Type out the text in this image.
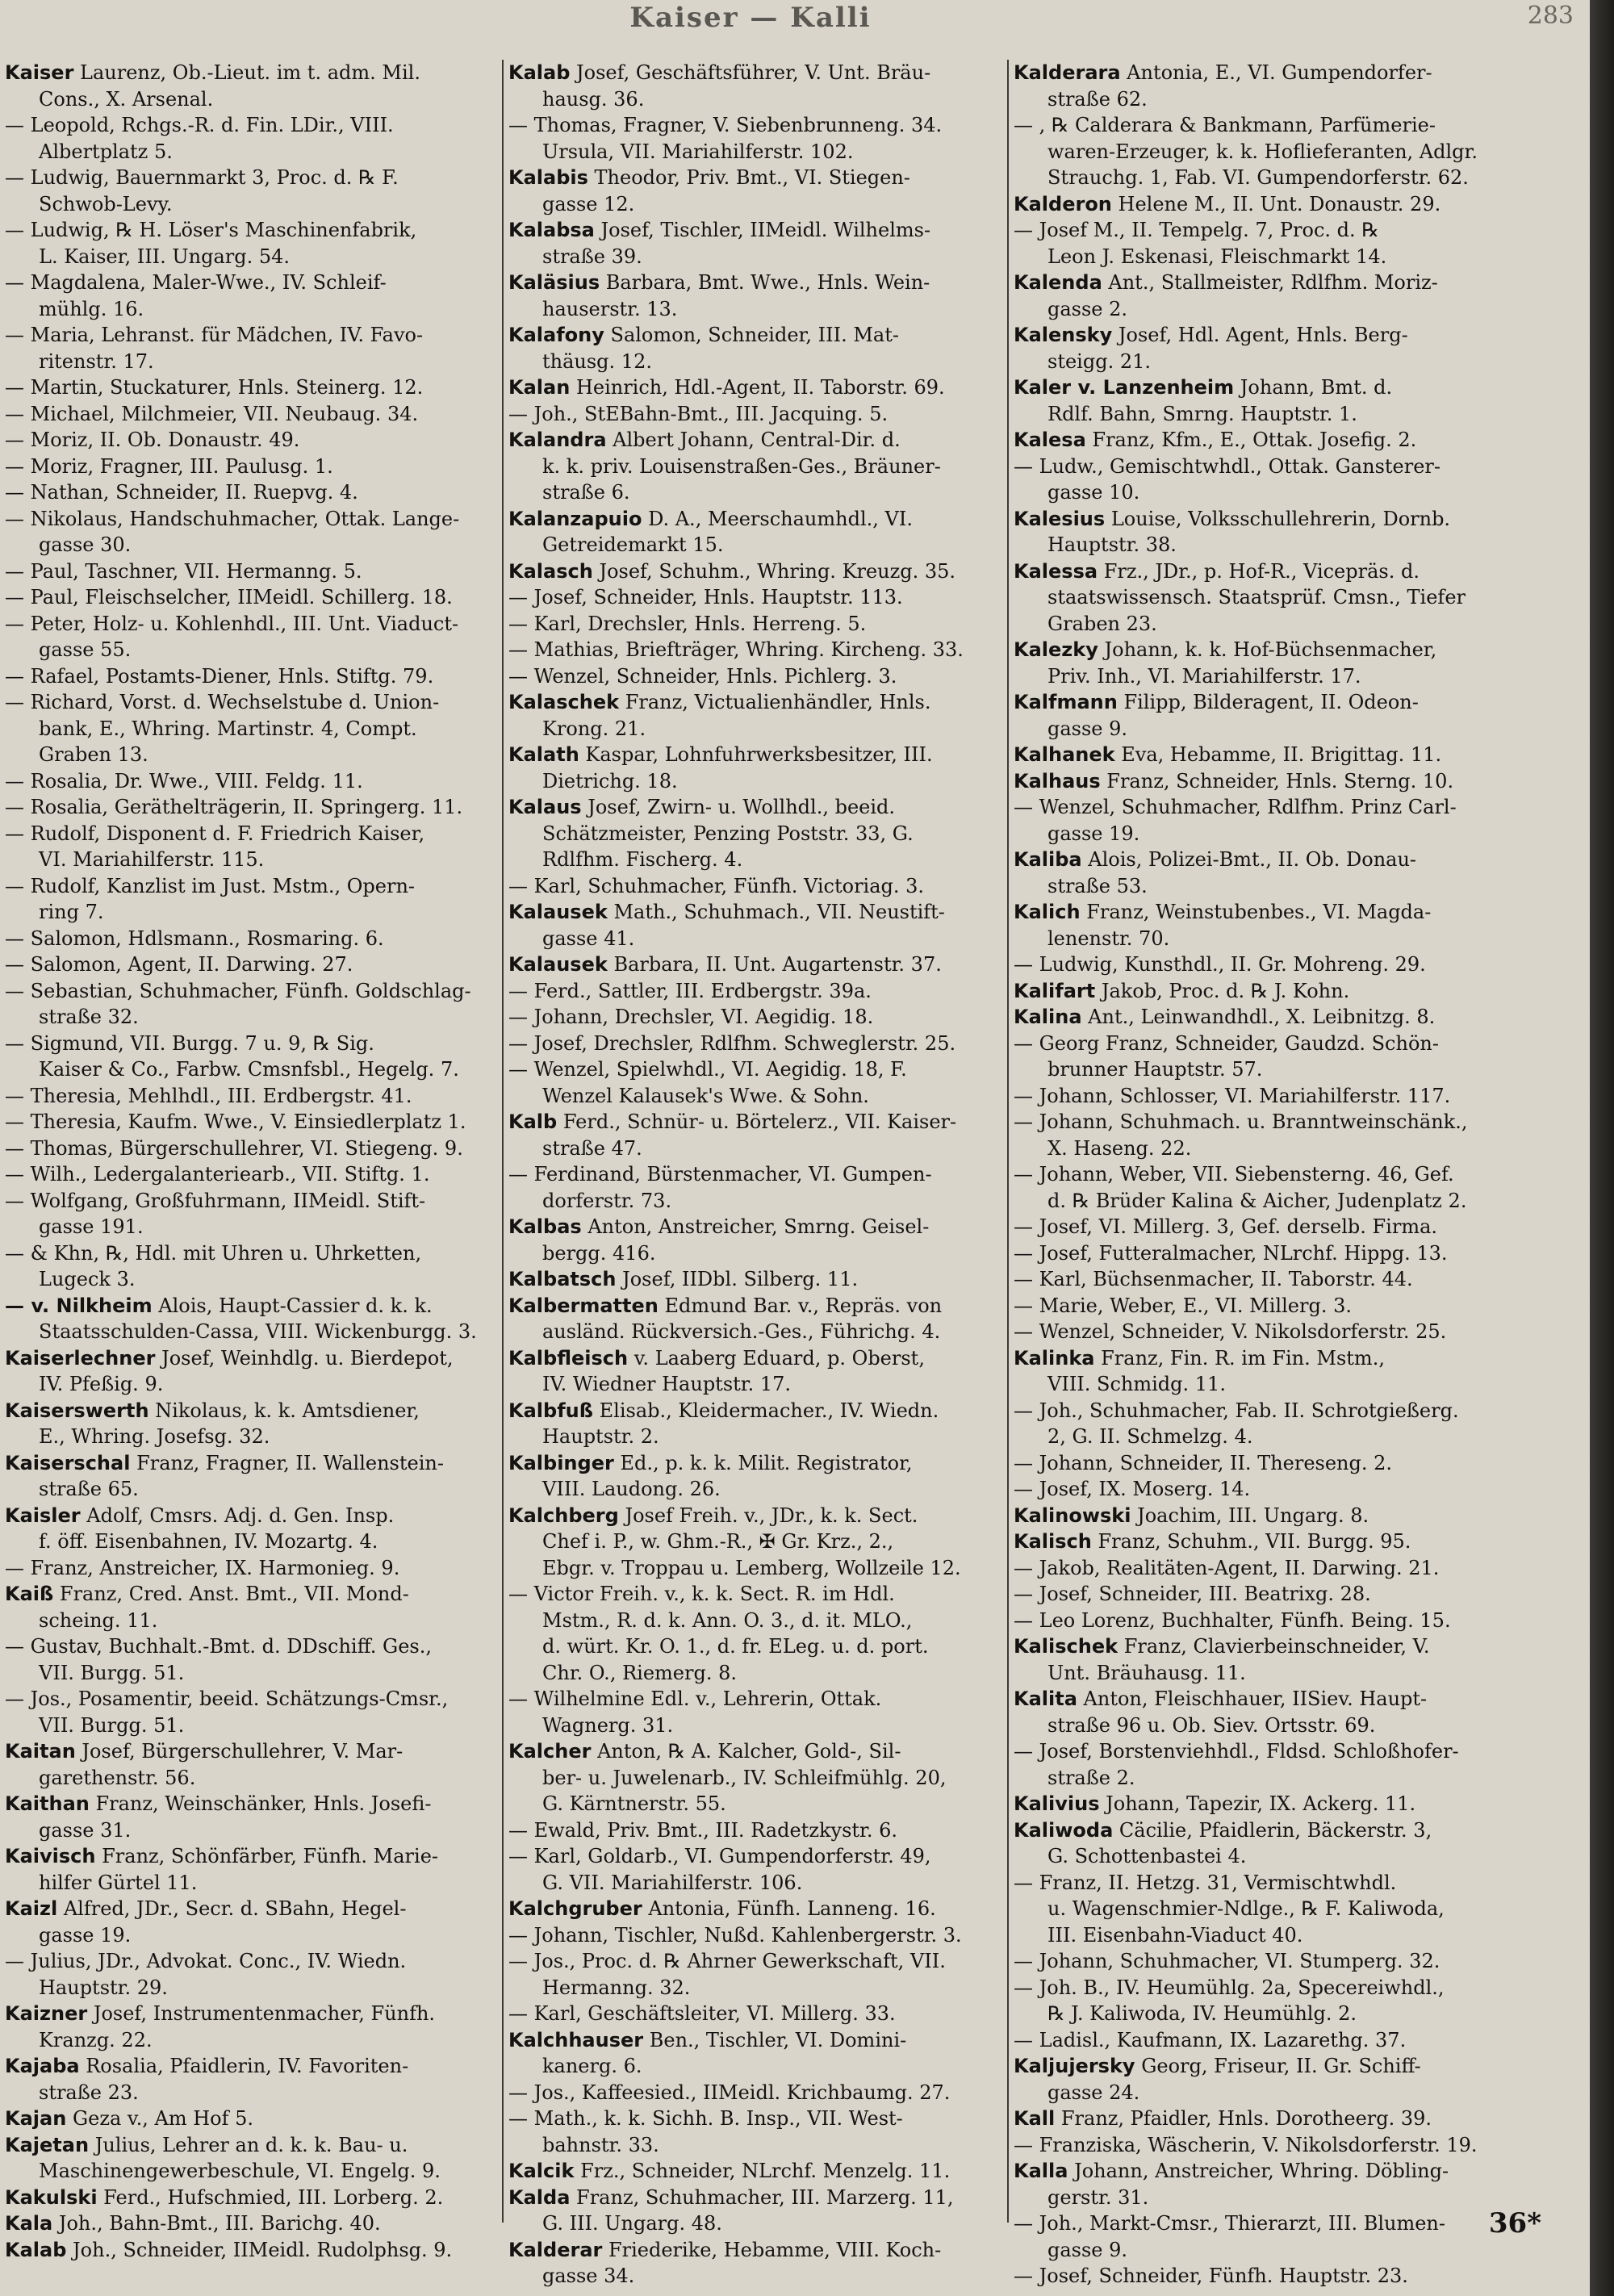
Kaiser — Kalli	283
Kaiser Laurenz, Ob.-Lieut. im t. adm. Mil.
Cons., X. Arsenal.
— Leopold, Rchgs.-R. d. Fin. LDir., VIII.
Albertplatz 5.
— Ludwig, Bauernmarkt 3, Proc. d. ℞ F.
Schwob-Levy.
— Ludwig, ℞ H. Löser's Maschinenfabrik,
L. Kaiser, III. Ungarg. 54.
— Magdalena, Maler-Wwe., IV. Schleif-
mühlg. 16.
— Maria, Lehranst. für Mädchen, IV. Favo-
ritenstr. 17.
— Martin, Stuckaturer, Hnls. Steinerg. 12.
— Michael, Milchmeier, VII. Neubaug. 34.
— Moriz, II. Ob. Donaustr. 49.
— Moriz, Fragner, III. Paulusg. 1.
— Nathan, Schneider, II. Ruepvg. 4.
— Nikolaus, Handschuhmacher, Ottak. Lange-
gasse 30.
— Paul, Taschner, VII. Hermanng. 5.
— Paul, Fleischselcher, IIMeidl. Schillerg. 18.
— Peter, Holz- u. Kohlenhdl., III. Unt. Viaduct-
gasse 55.
— Rafael, Postamts-Diener, Hnls. Stiftg. 79.
— Richard, Vorst. d. Wechselstube d. Union-
bank, E., Whring. Martinstr. 4, Compt.
Graben 13.
— Rosalia, Dr. Wwe., VIII. Feldg. 11.
— Rosalia, Geräthelträgerin, II. Springerg. 11.
— Rudolf, Disponent d. F. Friedrich Kaiser,
VI. Mariahilferstr. 115.
— Rudolf, Kanzlist im Just. Mstm., Opern-
ring 7.
— Salomon, Hdlsmann., Rosmaring. 6.
— Salomon, Agent, II. Darwing. 27.
— Sebastian, Schuhmacher, Fünfh. Goldschlag-
straße 32.
— Sigmund, VII. Burgg. 7 u. 9, ℞ Sig.
Kaiser & Co., Farbw. Cmsnfsbl., Hegelg. 7.
— Theresia, Mehlhdl., III. Erdbergstr. 41.
— Theresia, Kaufm. Wwe., V. Einsiedlerplatz 1.
— Thomas, Bürgerschullehrer, VI. Stiegeng. 9.
— Wilh., Ledergalanteriearb., VII. Stiftg. 1.
— Wolfgang, Großfuhrmann, IIMeidl. Stift-
gasse 191.
— & Khn, ℞, Hdl. mit Uhren u. Uhrketten,
Lugeck 3.
— v. Nilkheim Alois, Haupt-Cassier d. k. k.
Staatsschulden-Cassa, VIII. Wickenburgg. 3.
Kaiserlechner Josef, Weinhdlg. u. Bierdepot,
IV. Pfeßig. 9.
Kaiserswerth Nikolaus, k. k. Amtsdiener,
E., Whring. Josefsg. 32.
Kaiserschal Franz, Fragner, II. Wallenstein-
straße 65.
Kaisler Adolf, Cmsrs. Adj. d. Gen. Insp.
f. öff. Eisenbahnen, IV. Mozartg. 4.
— Franz, Anstreicher, IX. Harmonieg. 9.
Kaiß Franz, Cred. Anst. Bmt., VII. Mond-
scheing. 11.
— Gustav, Buchhalt.-Bmt. d. DDschiff. Ges.,
VII. Burgg. 51.
— Jos., Posamentir, beeid. Schätzungs-Cmsr.,
VII. Burgg. 51.
Kaitan Josef, Bürgerschullehrer, V. Mar-
garethenstr. 56.
Kaithan Franz, Weinschänker, Hnls. Josefi-
gasse 31.
Kaivisch Franz, Schönfärber, Fünfh. Marie-
hilfer Gürtel 11.
Kaizl Alfred, JDr., Secr. d. SBahn, Hegel-
gasse 19.
— Julius, JDr., Advokat. Conc., IV. Wiedn.
Hauptstr. 29.
Kaizner Josef, Instrumentenmacher, Fünfh.
Kranzg. 22.
Kajaba Rosalia, Pfaidlerin, IV. Favoriten-
straße 23.
Kajan Geza v., Am Hof 5.
Kajetan Julius, Lehrer an d. k. k. Bau- u.
Maschinengewerbeschule, VI. Engelg. 9.
Kakulski Ferd., Hufschmied, III. Lorberg. 2.
Kala Joh., Bahn-Bmt., III. Barichg. 40.
Kalab Joh., Schneider, IIMeidl. Rudolphsg. 9.
Kalab Josef, Geschäftsführer, V. Unt. Bräu-
hausg. 36.
— Thomas, Fragner, V. Siebenbrunneng. 34.
Ursula, VII. Mariahilferstr. 102.
Kalabis Theodor, Priv. Bmt., VI. Stiegen-
gasse 12.
Kalabsa Josef, Tischler, IIMeidl. Wilhelms-
straße 39.
Kaläsius Barbara, Bmt. Wwe., Hnls. Wein-
hauserstr. 13.
Kalafony Salomon, Schneider, III. Mat-
thäusg. 12.
Kalan Heinrich, Hdl.-Agent, II. Taborstr. 69.
— Joh., StEBahn-Bmt., III. Jacquing. 5.
Kalandra Albert Johann, Central-Dir. d.
k. k. priv. Louisenstraßen-Ges., Bräuner-
straße 6.
Kalanzapuio D. A., Meerschaumhdl., VI.
Getreidemarkt 15.
Kalasch Josef, Schuhm., Whring. Kreuzg. 35.
— Josef, Schneider, Hnls. Hauptstr. 113.
— Karl, Drechsler, Hnls. Herreng. 5.
— Mathias, Briefträger, Whring. Kircheng. 33.
— Wenzel, Schneider, Hnls. Pichlerg. 3.
Kalaschek Franz, Victualienhändler, Hnls.
Krong. 21.
Kalath Kaspar, Lohnfuhrwerksbesitzer, III.
Dietrichg. 18.
Kalaus Josef, Zwirn- u. Wollhdl., beeid.
Schätzmeister, Penzing Poststr. 33, G.
Rdlfhm. Fischerg. 4.
— Karl, Schuhmacher, Fünfh. Victoriag. 3.
Kalausek Math., Schuhmach., VII. Neustift-
gasse 41.
Kalausek Barbara, II. Unt. Augartenstr. 37.
— Ferd., Sattler, III. Erdbergstr. 39a.
— Johann, Drechsler, VI. Aegidig. 18.
— Josef, Drechsler, Rdlfhm. Schweglerstr. 25.
— Wenzel, Spielwhdl., VI. Aegidig. 18, F.
Wenzel Kalausek's Wwe. & Sohn.
Kalb Ferd., Schnür- u. Börtelerz., VII. Kaiser-
straße 47.
— Ferdinand, Bürstenmacher, VI. Gumpen-
dorferstr. 73.
Kalbas Anton, Anstreicher, Smrng. Geisel-
bergg. 416.
Kalbatsch Josef, IIDbl. Silberg. 11.
Kalbermatten Edmund Bar. v., Repräs. von
ausländ. Rückversich.-Ges., Führichg. 4.
Kalbfleisch v. Laaberg Eduard, p. Oberst,
IV. Wiedner Hauptstr. 17.
Kalbfuß Elisab., Kleidermacher., IV. Wiedn.
Hauptstr. 2.
Kalbinger Ed., p. k. k. Milit. Registrator,
VIII. Laudong. 26.
Kalchberg Josef Freih. v., JDr., k. k. Sect.
Chef i. P., w. Ghm.-R., ✠ Gr. Krz., 2.,
Ebgr. v. Troppau u. Lemberg, Wollzeile 12.
— Victor Freih. v., k. k. Sect. R. im Hdl.
Mstm., R. d. k. Ann. O. 3., d. it. MLO.,
d. würt. Kr. O. 1., d. fr. ELeg. u. d. port.
Chr. O., Riemerg. 8.
— Wilhelmine Edl. v., Lehrerin, Ottak.
Wagnerg. 31.
Kalcher Anton, ℞ A. Kalcher, Gold-, Sil-
ber- u. Juwelenarb., IV. Schleifmühlg. 20,
G. Kärntnerstr. 55.
— Ewald, Priv. Bmt., III. Radetzkystr. 6.
— Karl, Goldarb., VI. Gumpendorferstr. 49,
G. VII. Mariahilferstr. 106.
Kalchgruber Antonia, Fünfh. Lanneng. 16.
— Johann, Tischler, Nußd. Kahlenbergerstr. 3.
— Jos., Proc. d. ℞ Ahrner Gewerkschaft, VII.
Hermanng. 32.
— Karl, Geschäftsleiter, VI. Millerg. 33.
Kalchhauser Ben., Tischler, VI. Domini-
kanerg. 6.
— Jos., Kaffeesied., IIMeidl. Krichbaumg. 27.
— Math., k. k. Sichh. B. Insp., VII. West-
bahnstr. 33.
Kalcik Frz., Schneider, NLrchf. Menzelg. 11.
Kalda Franz, Schuhmacher, III. Marzerg. 11,
G. III. Ungarg. 48.
Kalderar Friederike, Hebamme, VIII. Koch-
gasse 34.
Kalderara Antonia, E., VI. Gumpendorfer-
straße 62.
— , ℞ Calderara & Bankmann, Parfümerie-
waren-Erzeuger, k. k. Hoflieferanten, Adlgr.
Strauchg. 1, Fab. VI. Gumpendorferstr. 62.
Kalderon Helene M., II. Unt. Donaustr. 29.
— Josef M., II. Tempelg. 7, Proc. d. ℞
Leon J. Eskenasi, Fleischmarkt 14.
Kalenda Ant., Stallmeister, Rdlfhm. Moriz-
gasse 2.
Kalensky Josef, Hdl. Agent, Hnls. Berg-
steigg. 21.
Kaler v. Lanzenheim Johann, Bmt. d.
Rdlf. Bahn, Smrng. Hauptstr. 1.
Kalesa Franz, Kfm., E., Ottak. Josefig. 2.
— Ludw., Gemischtwhdl., Ottak. Gansterer-
gasse 10.
Kalesius Louise, Volksschullehrerin, Dornb.
Hauptstr. 38.
Kalessa Frz., JDr., p. Hof-R., Vicepräs. d.
staatswissensch. Staatsprüf. Cmsn., Tiefer
Graben 23.
Kalezky Johann, k. k. Hof-Büchsenmacher,
Priv. Inh., VI. Mariahilferstr. 17.
Kalfmann Filipp, Bilderagent, II. Odeon-
gasse 9.
Kalhanek Eva, Hebamme, II. Brigittag. 11.
Kalhaus Franz, Schneider, Hnls. Sterng. 10.
— Wenzel, Schuhmacher, Rdlfhm. Prinz Carl-
gasse 19.
Kaliba Alois, Polizei-Bmt., II. Ob. Donau-
straße 53.
Kalich Franz, Weinstubenbes., VI. Magda-
lenenstr. 70.
— Ludwig, Kunsthdl., II. Gr. Mohreng. 29.
Kalifart Jakob, Proc. d. ℞ J. Kohn.
Kalina Ant., Leinwandhdl., X. Leibnitzg. 8.
— Georg Franz, Schneider, Gaudzd. Schön-
brunner Hauptstr. 57.
— Johann, Schlosser, VI. Mariahilferstr. 117.
— Johann, Schuhmach. u. Branntweinschänk.,
X. Haseng. 22.
— Johann, Weber, VII. Siebensterng. 46, Gef.
d. ℞ Brüder Kalina & Aicher, Judenplatz 2.
— Josef, VI. Millerg. 3, Gef. derselb. Firma.
— Josef, Futteralmacher, NLrchf. Hippg. 13.
— Karl, Büchsenmacher, II. Taborstr. 44.
— Marie, Weber, E., VI. Millerg. 3.
— Wenzel, Schneider, V. Nikolsdorferstr. 25.
Kalinka Franz, Fin. R. im Fin. Mstm.,
VIII. Schmidg. 11.
— Joh., Schuhmacher, Fab. II. Schrotgießerg.
2, G. II. Schmelzg. 4.
— Johann, Schneider, II. Thereseng. 2.
— Josef, IX. Moserg. 14.
Kalinowski Joachim, III. Ungarg. 8.
Kalisch Franz, Schuhm., VII. Burgg. 95.
— Jakob, Realitäten-Agent, II. Darwing. 21.
— Josef, Schneider, III. Beatrixg. 28.
— Leo Lorenz, Buchhalter, Fünfh. Being. 15.
Kalischek Franz, Clavierbeinschneider, V.
Unt. Bräuhausg. 11.
Kalita Anton, Fleischhauer, IISiev. Haupt-
straße 96 u. Ob. Siev. Ortsstr. 69.
— Josef, Borstenviehhdl., Fldsd. Schloßhofer-
straße 2.
Kalivius Johann, Tapezir, IX. Ackerg. 11.
Kaliwoda Cäcilie, Pfaidlerin, Bäckerstr. 3,
G. Schottenbastei 4.
— Franz, II. Hetzg. 31, Vermischtwhdl.
u. Wagenschmier-Ndlge., ℞ F. Kaliwoda,
III. Eisenbahn-Viaduct 40.
— Johann, Schuhmacher, VI. Stumperg. 32.
— Joh. B., IV. Heumühlg. 2a, Specereiwhdl.,
℞ J. Kaliwoda, IV. Heumühlg. 2.
— Ladisl., Kaufmann, IX. Lazarethg. 37.
Kaljujersky Georg, Friseur, II. Gr. Schiff-
gasse 24.
Kall Franz, Pfaidler, Hnls. Dorotheerg. 39.
— Franziska, Wäscherin, V. Nikolsdorferstr. 19.
Kalla Johann, Anstreicher, Whring. Döbling-
gerstr. 31.
— Joh., Markt-Cmsr., Thierarzt, III. Blumen-
gasse 9.
— Josef, Schneider, Fünfh. Hauptstr. 23.
36*
